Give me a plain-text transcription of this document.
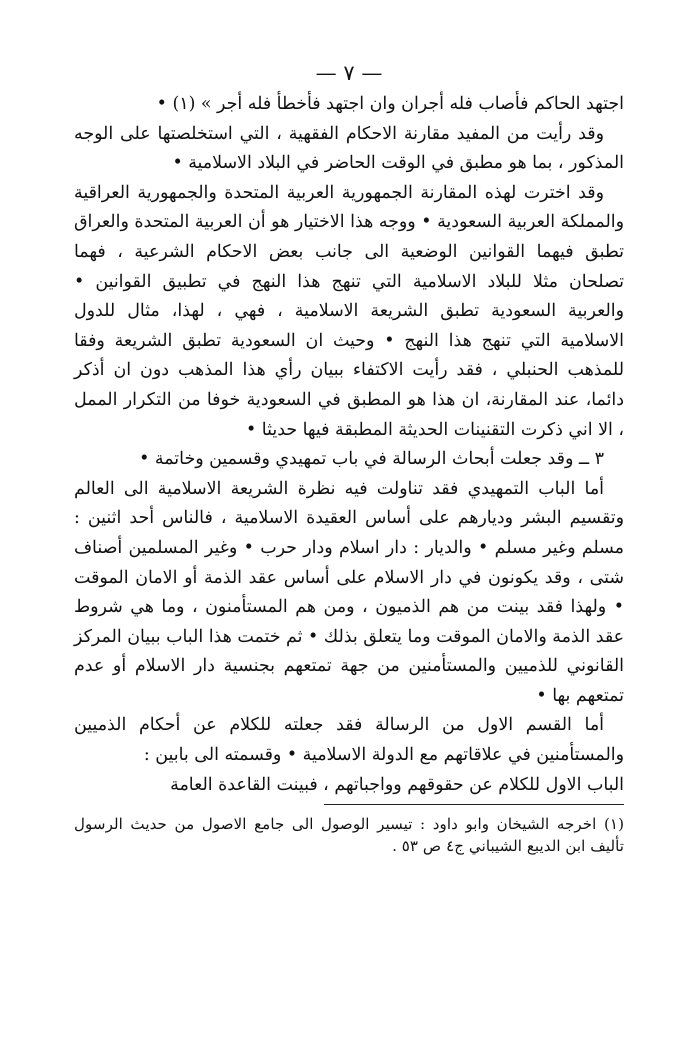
— ٧ —

اجتهد الحاكم فأصاب فله أجران وان اجتهد فأخطأ فله أجر » (١) •

وقد رأيت من المفيد مقارنة الاحكام الفقهية ، التي استخلصتها على الوجه المذكور ، بما هو مطبق في الوقت الحاضر في البلاد الاسلامية •

وقد اخترت لهذه المقارنة الجمهورية العربية المتحدة والجمهورية العراقية والمملكة العربية السعودية • ووجه هذا الاختيار هو أن العربية المتحدة والعراق تطبق فيهما القوانين الوضعية الى جانب بعض الاحكام الشرعية ، فهما تصلحان مثلا للبلاد الاسلامية التي تنهج هذا النهج في تطبيق القوانين • والعربية السعودية تطبق الشريعة الاسلامية ، فهي ، لهذا، مثال للدول الاسلامية التي تنهج هذا النهج • وحيث ان السعودية تطبق الشريعة وفقا للمذهب الحنبلي ، فقد رأيت الاكتفاء ببيان رأي هذا المذهب دون ان أذكر دائما، عند المقارنة، ان هذا هو المطبق في السعودية خوفا من التكرار الممل ، الا اني ذكرت التقنينات الحديثة المطبقة فيها حديثا •

٣ ــ وقد جعلت أبحاث الرسالة في باب تمهيدي وقسمين وخاتمة •

أما الباب التمهيدي فقد تناولت فيه نظرة الشريعة الاسلامية الى العالم وتقسيم البشر وديارهم على أساس العقيدة الاسلامية ، فالناس أحد اثنين : مسلم وغير مسلم • والديار : دار اسلام ودار حرب • وغير المسلمين أصناف شتى ، وقد يكونون في دار الاسلام على أساس عقد الذمة أو الامان الموقت • ولهذا فقد بينت من هم الذميون ، ومن هم المستأمنون ، وما هي شروط عقد الذمة والامان الموقت وما يتعلق بذلك • ثم ختمت هذا الباب ببيان المركز القانوني للذميين والمستأمنين من جهة تمتعهم بجنسية دار الاسلام أو عدم تمتعهم بها •

أما القسم الاول من الرسالة فقد جعلته للكلام عن أحكام الذميين والمستأمنين في علاقاتهم مع الدولة الاسلامية • وقسمته الى بابين :

الباب الاول للكلام عن حقوقهم وواجباتهم ، فبينت القاعدة العامة

(١) اخرجه الشيخان وابو داود : تيسير الوصول الى جامع الاصول من حديث الرسول تأليف ابن الديبع الشيباني ج٤ ص ٥٣ .
